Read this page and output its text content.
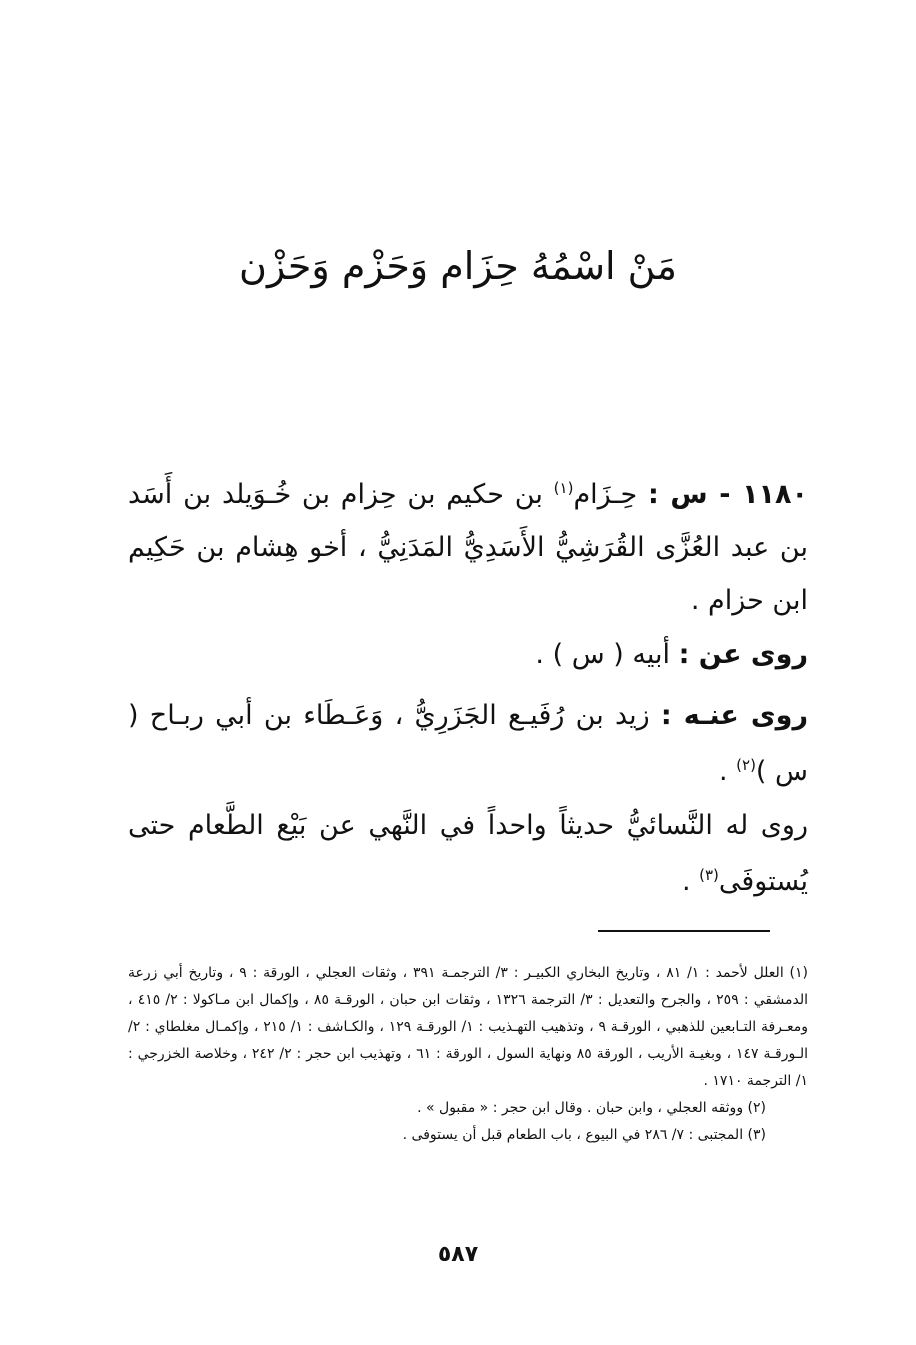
مَنْ اسْمُهُ حِزَام وَحَزْم وَحَزْن
١١٨٠ - س : حِـزَام$^{(١)}$ بن حكيم بن حِزام بن خُـوَيلد بن أَسَد بن عبد العُزَّى القُرَشِيُّ الأَسَدِيُّ المَدَنِيُّ ، أخو هِشام بن حَكِيم ابن حزام .
روى عن : أبيه ( س ) .
روى عنـه : زيد بن رُفَيـع الجَزَرِيُّ ، وَعَـطَاء بن أبي ربـاح ( س )$^{(٢)}$ .
روى له النَّسائيُّ حديثاً واحداً في النَّهي عن بَيْع الطَّعام حتى يُستوفَى$^{(٣)}$ .

(١) العلل لأحمد : ١/ ٨١ ، وتاريخ البخاري الكبيـر : ٣/ الترجمـة ٣٩١ ، وثقات العجلي ، الورقة : ٩ ، وتاريخ أبي زرعة الدمشقي : ٢٥٩ ، والجرح والتعديل : ٣/ الترجمة ١٣٢٦ ، وثقات ابن حبان ، الورقـة ٨٥ ، وإكمال ابن مـاكولا : ٢/ ٤١٥ ، ومعـرفة التـابعين للذهبي ، الورقـة ٩ ، وتذهيب التهـذيب : ١/ الورقـة ١٢٩ ، والكـاشف : ١/ ٢١٥ ، وإكمـال مغلطاي : ٢/ الـورقـة ١٤٧ ، وبغيـة الأريب ، الورقة ٨٥ ونهاية السول ، الورقة : ٦١ ، وتهذيب ابن حجر : ٢/ ٢٤٢ ، وخلاصة الخزرجي : ١/ الترجمة ١٧١٠ .

(٢) ووثقه العجلي ، وابن حبان . وقال ابن حجر : « مقبول » .

(٣) المجتبى : ٧/ ٢٨٦ في البيوع ، باب الطعام قبل أن يستوفى .

٥٨٧
